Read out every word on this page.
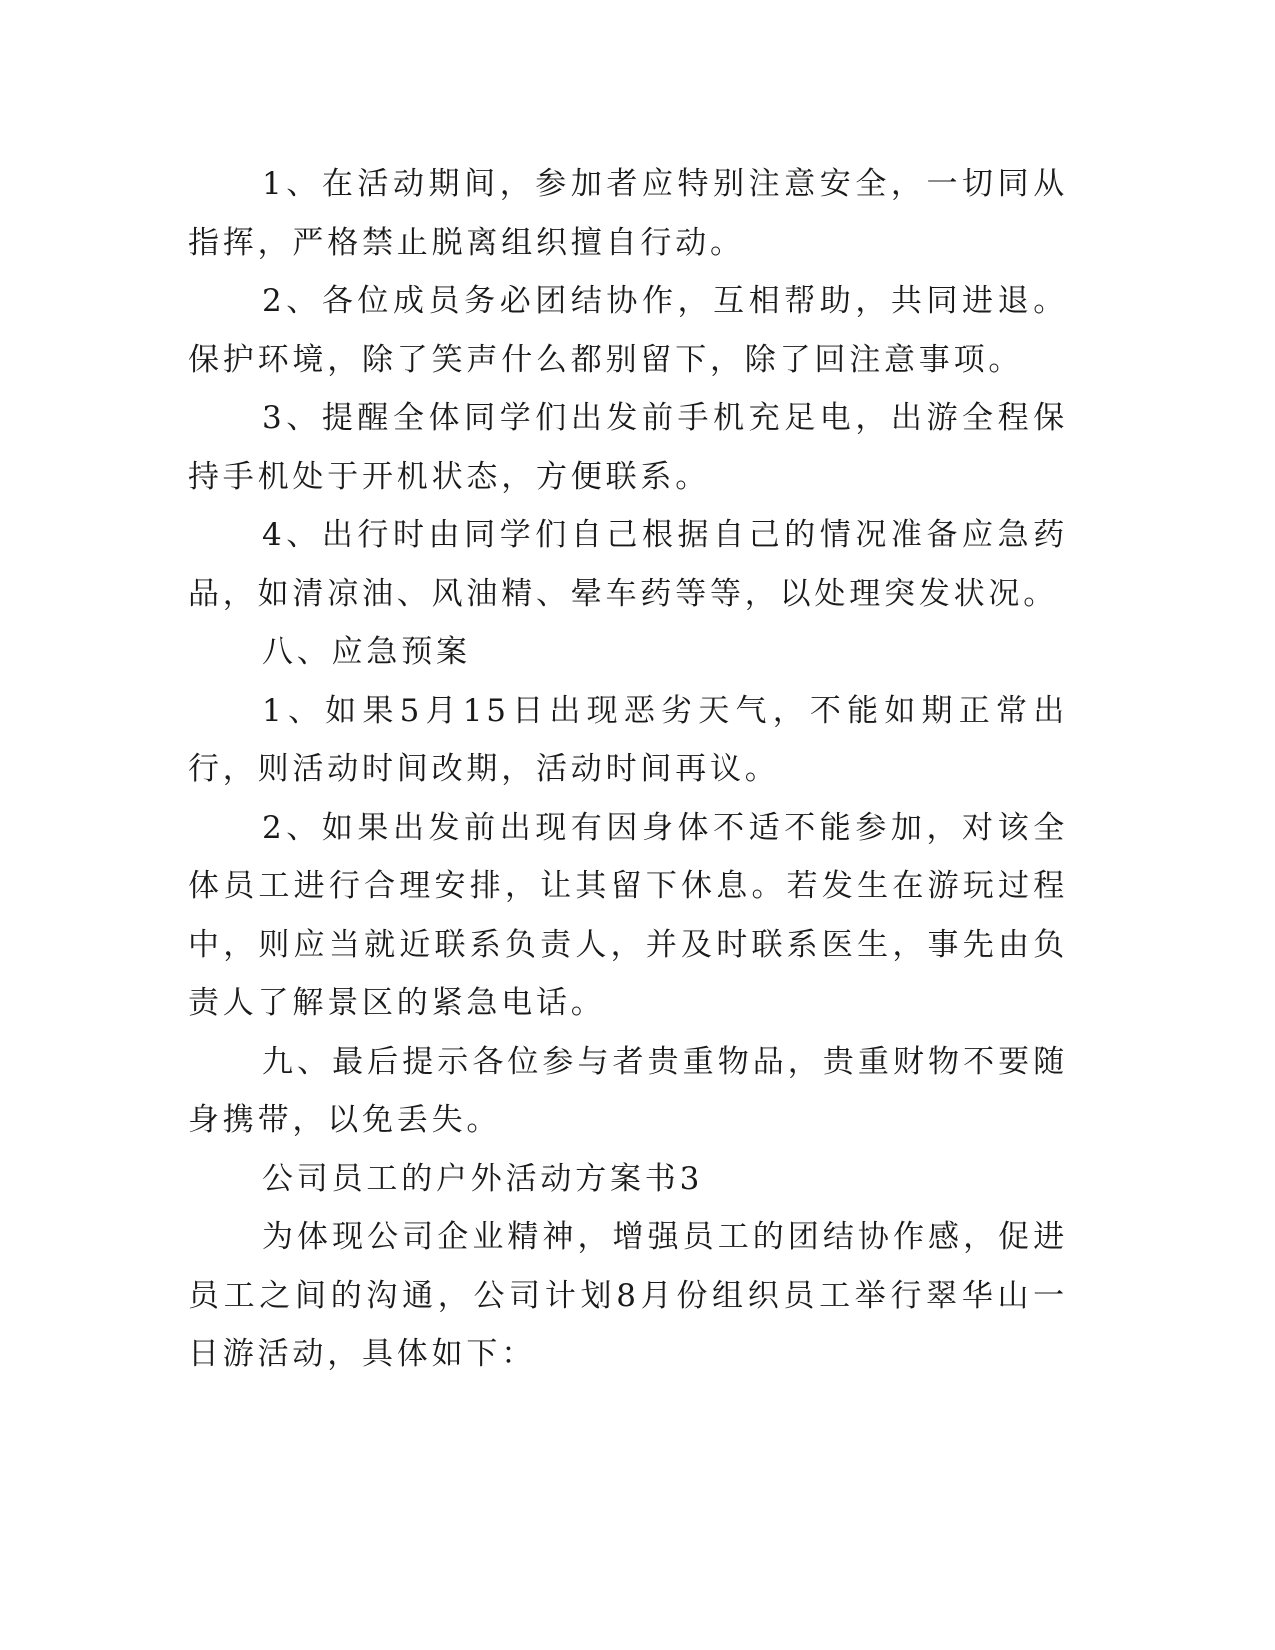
1、在活动期间，参加者应特别注意安全，一切同从指挥，严格禁止脱离组织擅自行动。

2、各位成员务必团结协作，互相帮助，共同进退。保护环境，除了笑声什么都别留下，除了回注意事项。

3、提醒全体同学们出发前手机充足电，出游全程保持手机处于开机状态，方便联系。

4、出行时由同学们自己根据自己的情况准备应急药品，如清凉油、风油精、晕车药等等，以处理突发状况。

八、应急预案

1、如果5月15日出现恶劣天气，不能如期正常出行，则活动时间改期，活动时间再议。

2、如果出发前出现有因身体不适不能参加，对该全体员工进行合理安排，让其留下休息。若发生在游玩过程中，则应当就近联系负责人，并及时联系医生，事先由负责人了解景区的紧急电话。

九、最后提示各位参与者贵重物品，贵重财物不要随身携带，以免丢失。

公司员工的户外活动方案书3

为体现公司企业精神，增强员工的团结协作感，促进员工之间的沟通，公司计划8月份组织员工举行翠华山一日游活动，具体如下：
